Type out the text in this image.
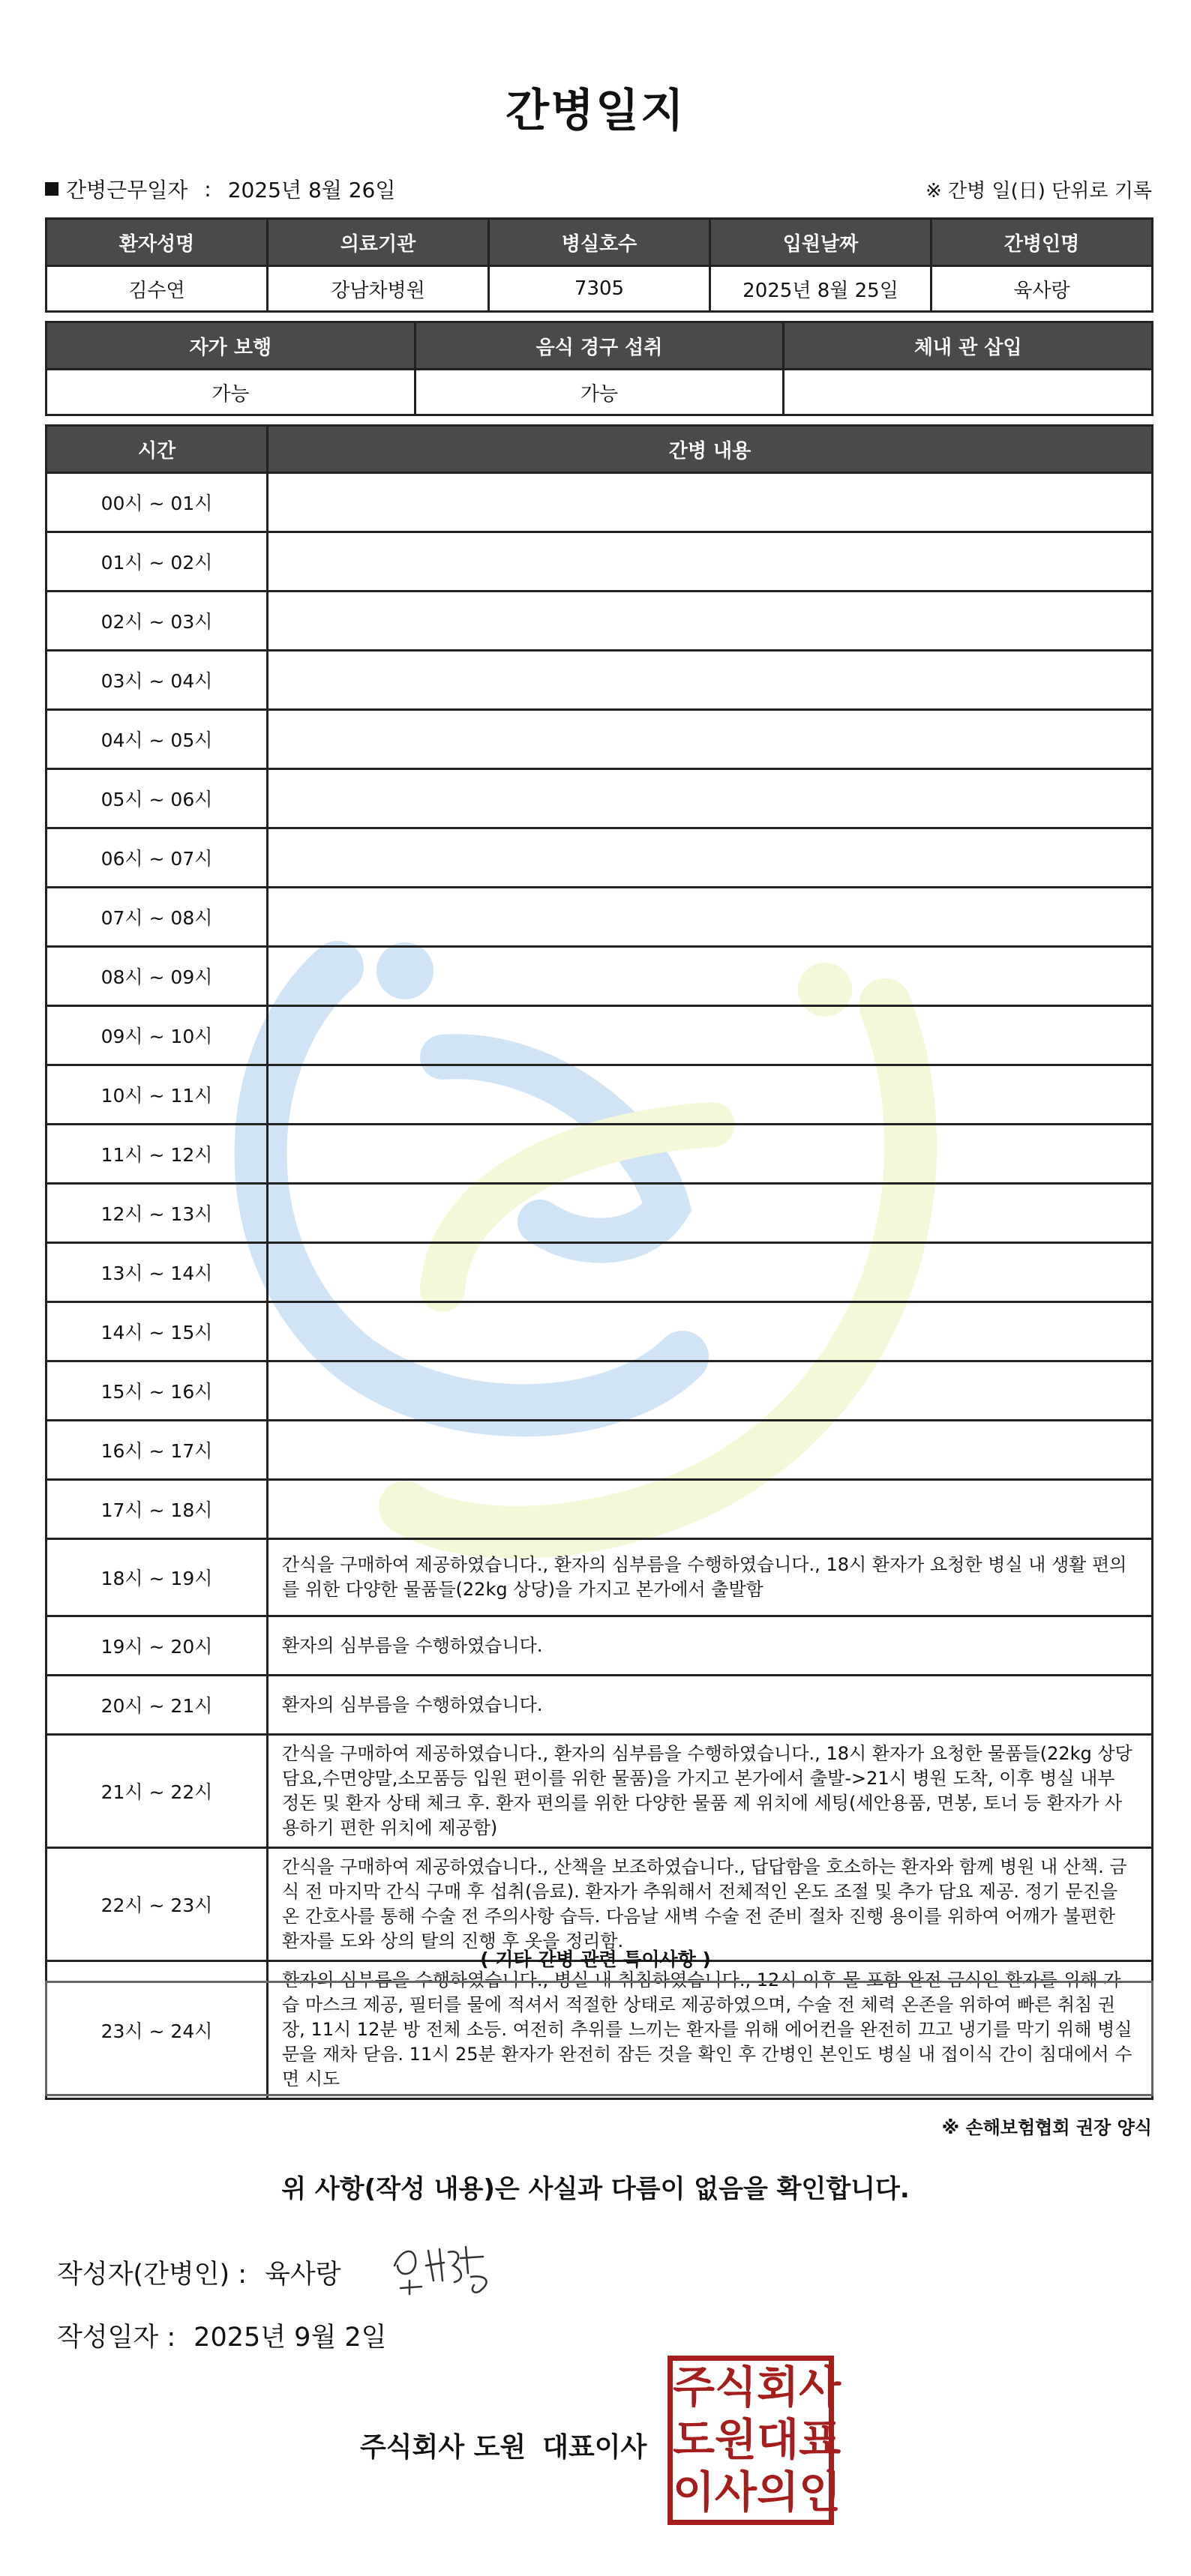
간병일지
간병근무일자 : 2025년 8월 26일	※ 간병 일(日) 단위로 기록
환자성명	의료기관	병실호수	입원날짜	간병인명
김수연	강남차병원	7305	2025년 8월 25일	육사랑
자가 보행	음식 경구 섭취	체내 관 삽입
가능	가능	
시간	간병 내용
00시 ~ 01시	
01시 ~ 02시	
02시 ~ 03시	
03시 ~ 04시	
04시 ~ 05시	
05시 ~ 06시	
06시 ~ 07시	
07시 ~ 08시	
08시 ~ 09시	
09시 ~ 10시	
10시 ~ 11시	
11시 ~ 12시	
12시 ~ 13시	
13시 ~ 14시	
14시 ~ 15시	
15시 ~ 16시	
16시 ~ 17시	
17시 ~ 18시	
18시 ~ 19시	간식을 구매하여 제공하였습니다., 환자의 심부름을 수행하였습니다., 18시 환자가 요청한 병실 내 생활 편의를 위한 다양한 물품들(22kg 상당)을 가지고 본가에서 출발함
19시 ~ 20시	환자의 심부름을 수행하였습니다.
20시 ~ 21시	환자의 심부름을 수행하였습니다.
21시 ~ 22시	간식을 구매하여 제공하였습니다., 환자의 심부름을 수행하였습니다., 18시 환자가 요청한 물품들(22kg 상당 담요,수면양말,소모품등 입원 편이를 위한 물품)을 가지고 본가에서 출발->21시 병원 도착, 이후 병실 내부 정돈 및 환자 상태 체크 후. 환자 편의를 위한 다양한 물품 제 위치에 세팅(세안용품, 면봉, 토너 등 환자가 사용하기 편한 위치에 제공함)
22시 ~ 23시	간식을 구매하여 제공하였습니다., 산책을 보조하였습니다., 답답함을 호소하는 환자와 함께 병원 내 산책. 금식 전 마지막 간식 구매 후 섭취(음료). 환자가 추워해서 전체적인 온도 조절 및 추가 담요 제공. 정기 문진을 온 간호사를 통해 수술 전 주의사항 습득. 다음날 새벽 수술 전 준비 절차 진행 용이를 위하여 어깨가 불편한 환자를 도와 상의 탈의 진행 후 옷을 정리함.
23시 ~ 24시	환자의 심부름을 수행하였습니다., 병실 내 취침하였습니다., 12시 이후 물 포함 완전 금식인 환자를 위해 가습 마스크 제공, 필터를 물에 적셔서 적절한 상태로 제공하였으며, 수술 전 체력 온존을 위하여 빠른 취침 권장, 11시 12분 방 전체 소등. 여전히 추위를 느끼는 환자를 위해 에어컨을 완전히 끄고 냉기를 막기 위해 병실 문을 재차 닫음. 11시 25분 환자가 완전히 잠든 것을 확인 후 간병인 본인도 병실 내 접이식 간이 침대에서 수면 시도
( 기타 간병 관련 특이사항 )
※ 손해보험협회 권장 양식
위 사항(작성 내용)은 사실과 다름이 없음을 확인합니다.
작성자(간병인) : 육사랑
작성일자 : 2025년 9월 2일
주식회사 도원 대표이사
주 식 회 사
도 원 대 표
이 사 의 인
